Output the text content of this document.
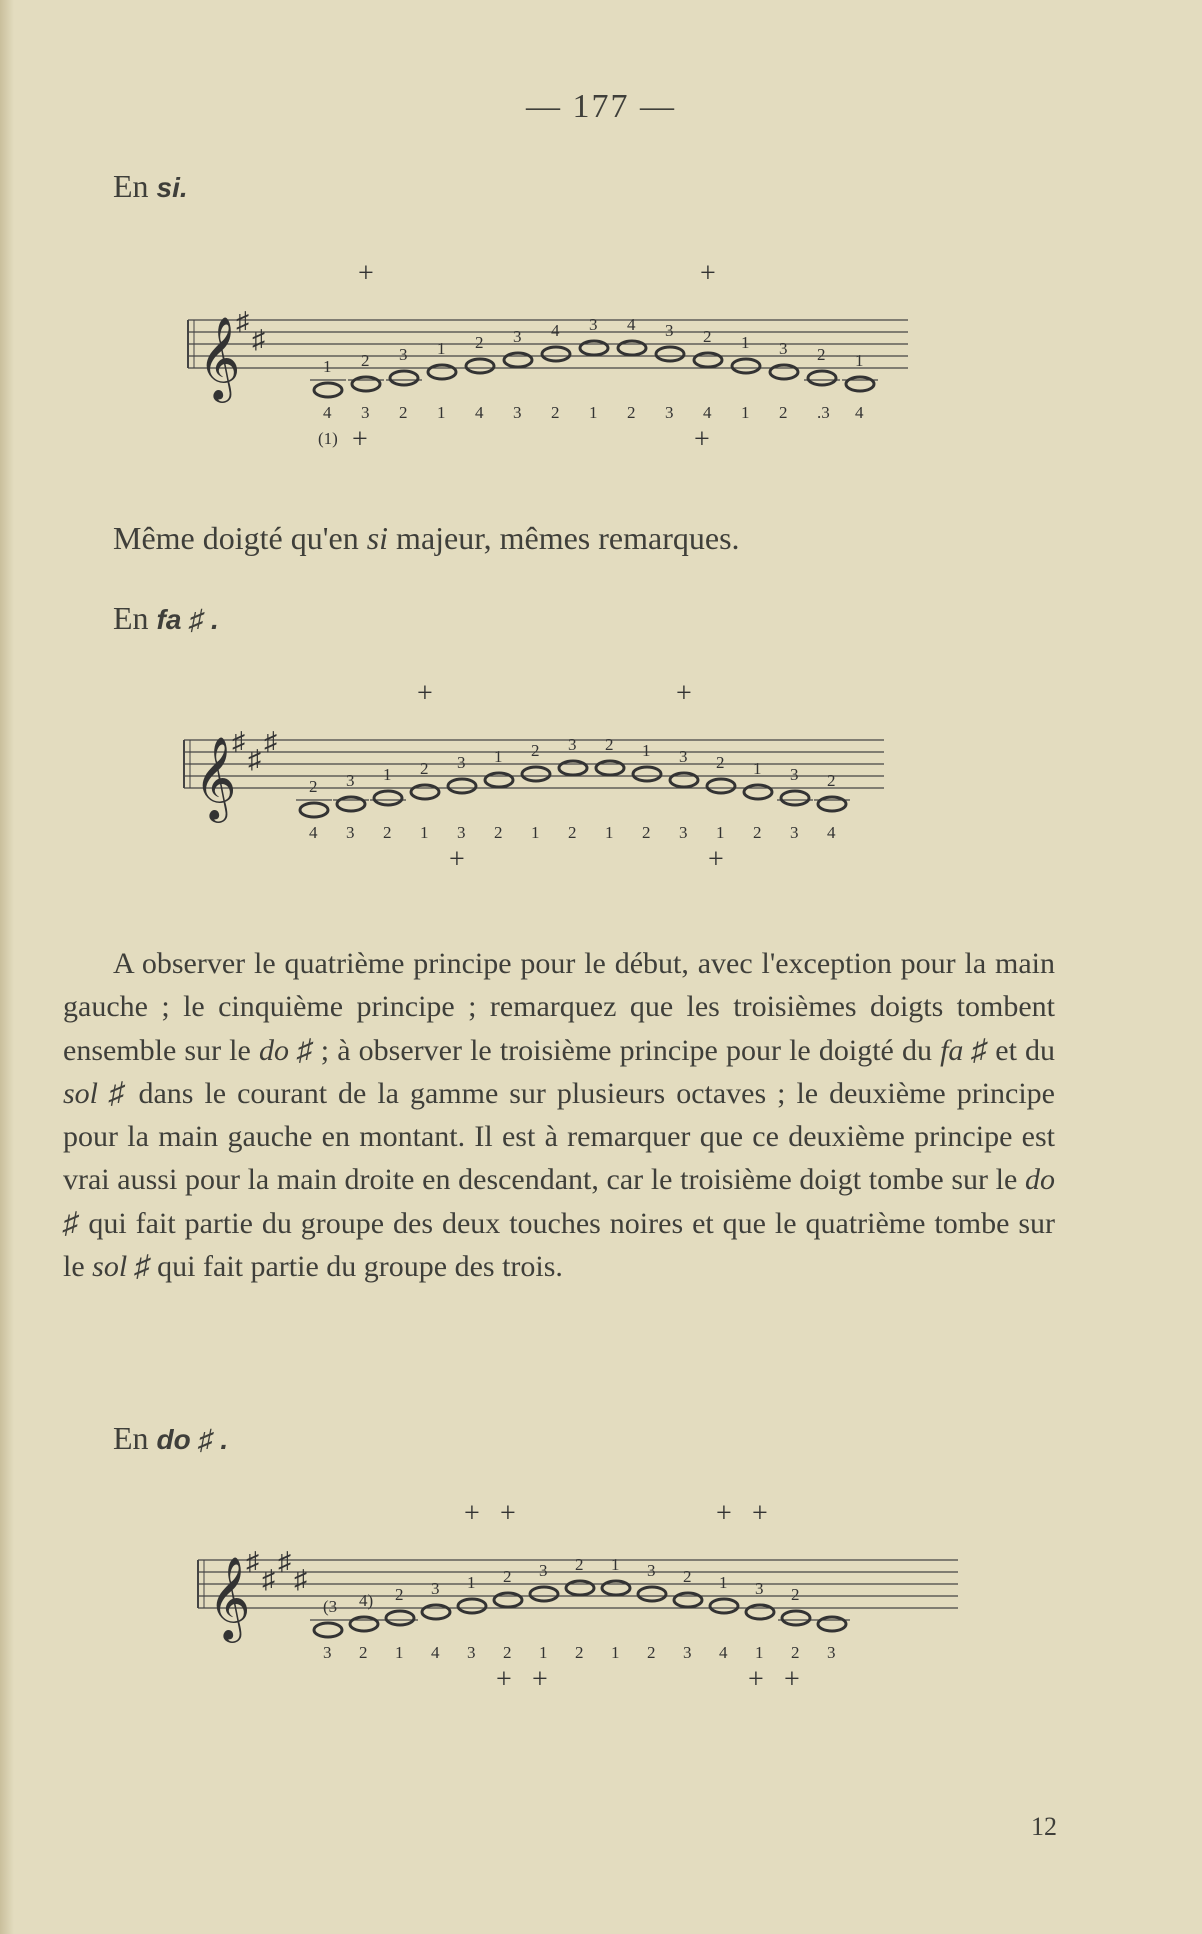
— 177 —
En si.
𝄞
♯
♯
1
4
2
3
3
2
1
1
2
4
3
3
4
2
3
1
4
2
3
3
2
4
1
1
3
2
2
.3
1
4
+	+
+	+
(1)
Même doigté qu'en si majeur, mêmes remarques.
En fa ♯ .
𝄞
♯
♯
♯
2
4
3
3
1
2
2
1
3
3
1
2
2
1
3
2
2
1
1
2
3
3
2
1
1
2
3
3
2
4
+	+
+	+
A observer le quatrième principe pour le début, avec l'exception pour la main gauche ; le cinquième principe ; remarquez que les troisièmes doigts tombent ensemble sur le do ♯ ; à observer le troisième principe pour le doigté du fa ♯ et du sol ♯ dans le courant de la gamme sur plusieurs octaves ; le deuxième principe pour la main gauche en montant. Il est à remarquer que ce deuxième principe est vrai aussi pour la main droite en descendant, car le troisième doigt tombe sur le do ♯ qui fait partie du groupe des deux touches noires et que le quatrième tombe sur le sol ♯ qui fait partie du groupe des trois.
En do ♯ .
𝄞
♯
♯
♯
♯
(3
3
4)
2
2
1
3
4
1
3
2
2
3
1
2
2
1
1
3
2
2
3
1
4
3
1
2
2 3
+ +	+ +
+ +	+ +
12
